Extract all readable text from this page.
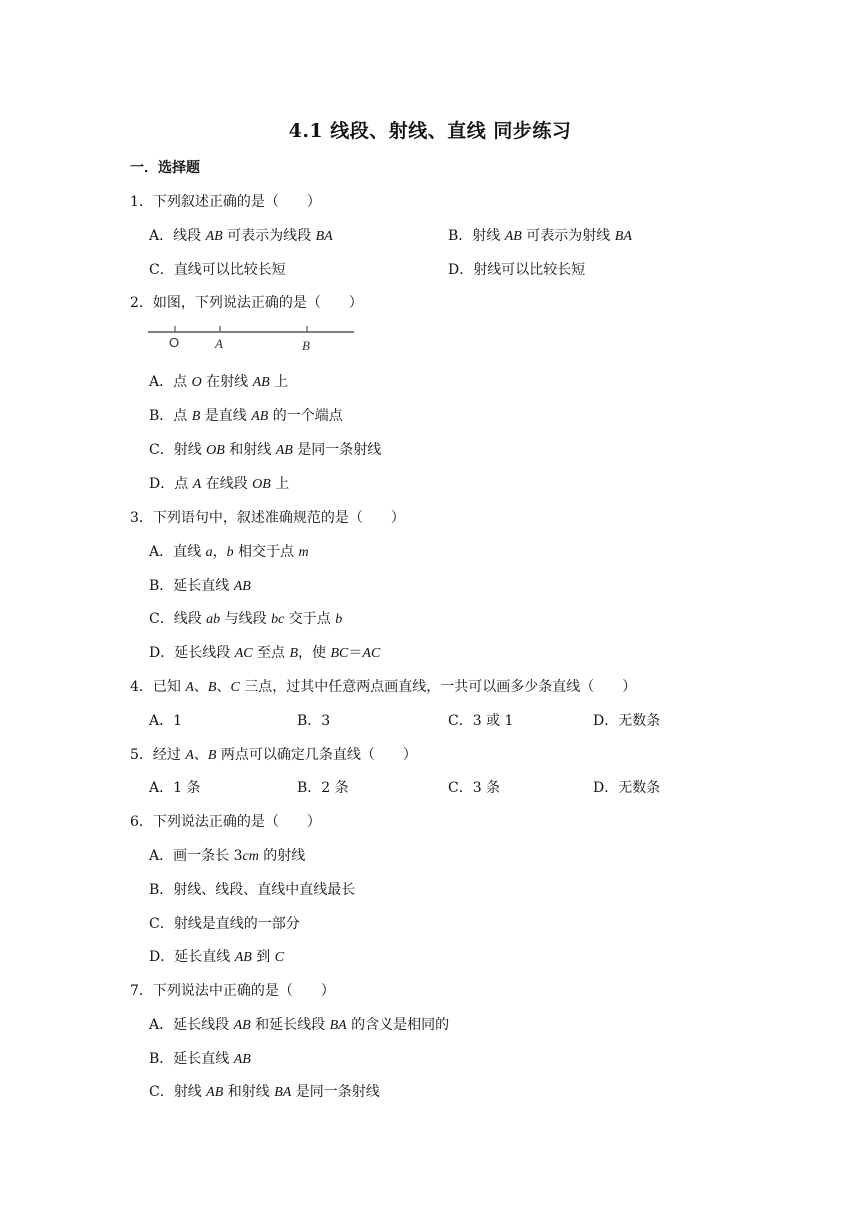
4.1 线段、射线、直线 同步练习
一．选择题
1．下列叙述正确的是（　　）
A．线段 AB 可表示为线段 BA	B．射线 AB 可表示为射线 BA
C．直线可以比较长短	D．射线可以比较长短
2．如图，下列说法正确的是（　　）
O	A	B
A．点 O 在射线 AB 上
B．点 B 是直线 AB 的一个端点
C．射线 OB 和射线 AB 是同一条射线
D．点 A 在线段 OB 上
3．下列语句中，叙述准确规范的是（　　）
A．直线 a，b 相交于点 m
B．延长直线 AB
C．线段 ab 与线段 bc 交于点 b
D．延长线段 AC 至点 B，使 BC＝AC
4．已知 A、B、C 三点，过其中任意两点画直线，一共可以画多少条直线（　　）
A．1	B．3	C．3 或 1	D．无数条
5．经过 A、B 两点可以确定几条直线（　　）
A．1 条	B．2 条	C．3 条	D．无数条
6．下列说法正确的是（　　）
A．画一条长 3cm 的射线
B．射线、线段、直线中直线最长
C．射线是直线的一部分
D．延长直线 AB 到 C
7．下列说法中正确的是（　　）
A．延长线段 AB 和延长线段 BA 的含义是相同的
B．延长直线 AB
C．射线 AB 和射线 BA 是同一条射线
